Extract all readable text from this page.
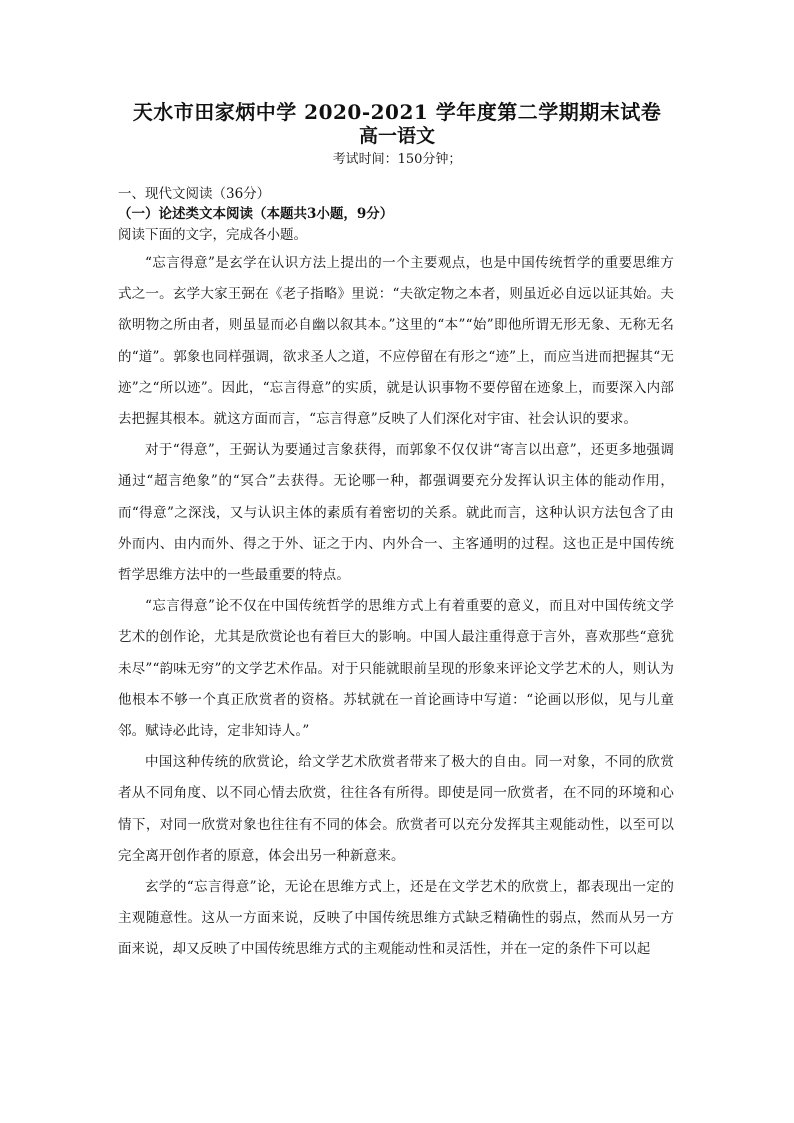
天水市田家炳中学 2020-2021 学年度第二学期期末试卷
高一语文

考试时间：150分钟；

一、现代文阅读（36分）

（一）论述类文本阅读（本题共3小题，9分）

阅读下面的文字，完成各小题。

“忘言得意”是玄学在认识方法上提出的一个主要观点，也是中国传统哲学的重要思维方式之一。玄学大家王弼在《老子指略》里说：“夫欲定物之本者，则虽近必自远以证其始。夫欲明物之所由者，则虽显而必自幽以叙其本。”这里的“本”“始”即他所谓无形无象、无称无名的“道”。郭象也同样强调，欲求圣人之道，不应停留在有形之“迹”上，而应当进而把握其“无迹”之“所以迹”。因此，“忘言得意”的实质，就是认识事物不要停留在迹象上，而要深入内部去把握其根本。就这方面而言，“忘言得意”反映了人们深化对宇宙、社会认识的要求。

对于“得意”，王弼认为要通过言象获得，而郭象不仅仅讲“寄言以出意”，还更多地强调通过“超言绝象”的“冥合”去获得。无论哪一种，都强调要充分发挥认识主体的能动作用，而“得意”之深浅，又与认识主体的素质有着密切的关系。就此而言，这种认识方法包含了由外而内、由内而外、得之于外、证之于内、内外合一、主客通明的过程。这也正是中国传统哲学思维方法中的一些最重要的特点。

“忘言得意”论不仅在中国传统哲学的思维方式上有着重要的意义，而且对中国传统文学艺术的创作论，尤其是欣赏论也有着巨大的影响。中国人最注重得意于言外，喜欢那些“意犹未尽”“韵味无穷”的文学艺术作品。对于只能就眼前呈现的形象来评论文学艺术的人，则认为他根本不够一个真正欣赏者的资格。苏轼就在一首论画诗中写道：“论画以形似，见与儿童邻。赋诗必此诗，定非知诗人。”

中国这种传统的欣赏论，给文学艺术欣赏者带来了极大的自由。同一对象，不同的欣赏者从不同角度、以不同心情去欣赏，往往各有所得。即使是同一欣赏者，在不同的环境和心情下，对同一欣赏对象也往往有不同的体会。欣赏者可以充分发挥其主观能动性，以至可以完全离开创作者的原意，体会出另一种新意来。

玄学的“忘言得意”论，无论在思维方式上，还是在文学艺术的欣赏上，都表现出一定的主观随意性。这从一方面来说，反映了中国传统思维方式缺乏精确性的弱点，然而从另一方面来说，却又反映了中国传统思维方式的主观能动性和灵活性，并在一定的条件下可以起
